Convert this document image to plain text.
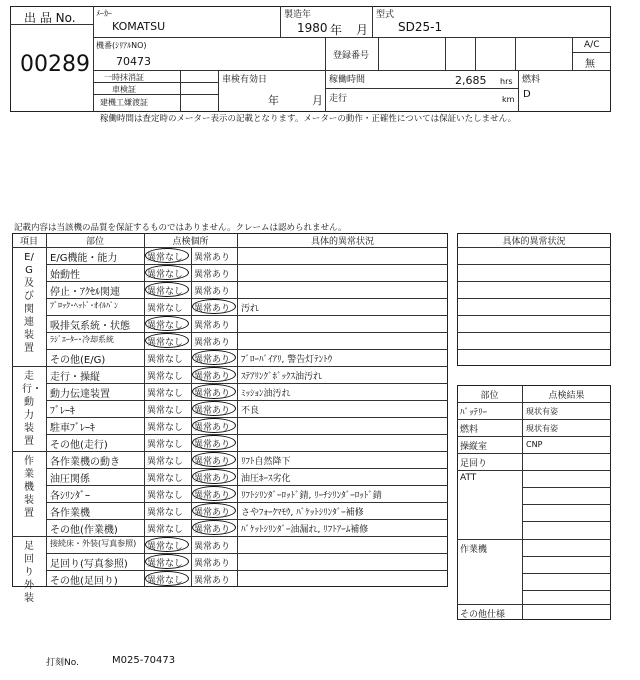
出 品 No.
00289
ﾒｰｶｰ
KOMATSU
製造年
1980 年 月
型式
SD25-1
機番(ｼﾘｱﾙNO)
70473	登録番号
A/C
無
一時抹消証
車検証
建機工嫌渡証
車検有効日
年	月
稼働時間	2,685 hrs
走行	km
燃料
D
稼働時間は査定時のメーター表示の記載となります。メーターの動作・正確性については保証いたしません。
記載内容は当該機の品質を保証するものではありません。クレームは認められません。
項目	部位	点検個所	具体的異常状況
E/G及び関連装置
E/G機能・能力	異常なし 異常あり
始動性	異常なし 異常あり
停止・ｱｸｾﾙ関連	異常なし 異常あり
ﾌﾞﾛｯｸ･ﾍｯﾄﾞ･ｵｲﾙﾊﾟﾝ	異常なし 異常あり 汚れ
吸排気系統・状態 異常なし 異常あり
ﾗｼﾞｴｰﾀｰ･冷却系統	異常なし 異常あり
その他(E/G)	異常なし 異常あり ﾌﾞﾛｰﾊﾞｲｱﾘ, 警告灯ﾃﾝﾄｳ
走行・動力装置
走行・操縦	異常なし 異常あり ｽﾃｱﾘﾝｸﾞﾎﾞｯｸｽ油汚れ
動力伝達装置	異常なし 異常あり ﾐｯｼｮﾝ油汚れ
ﾌﾞﾚｰｷ	異常なし 異常あり 不良
駐車ﾌﾞﾚｰｷ	異常なし 異常あり
その他(走行)	異常なし 異常あり
作業機装置
各作業機の動き	異常なし 異常あり ﾘﾌﾄ自然降下
油圧関係	異常なし 異常あり 油圧ﾎｰｽ劣化
各ｼﾘﾝﾀﾞｰ	異常なし 異常あり ﾘﾌﾄｼﾘﾝﾀﾞｰﾛｯﾄﾞ錆, ﾘｰﾁｼﾘﾝﾀﾞｰﾛｯﾄﾞ錆
各作業機	異常なし 異常あり さやﾌｫｰｸﾏﾓｳ, ﾊﾞｹｯﾄｼﾘﾝﾀﾞｰ補修
その他(作業機)	異常なし 異常あり ﾊﾞｹｯﾄｼﾘﾝﾀﾞｰ油漏れ, ﾘﾌﾄｱｰﾑ補修
足回り外装
接続床・外装(写真参照) 異常なし 異常あり
足回り(写真参照) 異常なし 異常あり
その他(足回り)	異常なし 異常あり
具体的異常状況
部位	点検結果
ﾊﾞｯﾃﾘｰ	現状有姿
燃料	現状有姿
操縦室	CNP
足回り
ATT
作業機
その他仕様
打刻No.	M025-70473
